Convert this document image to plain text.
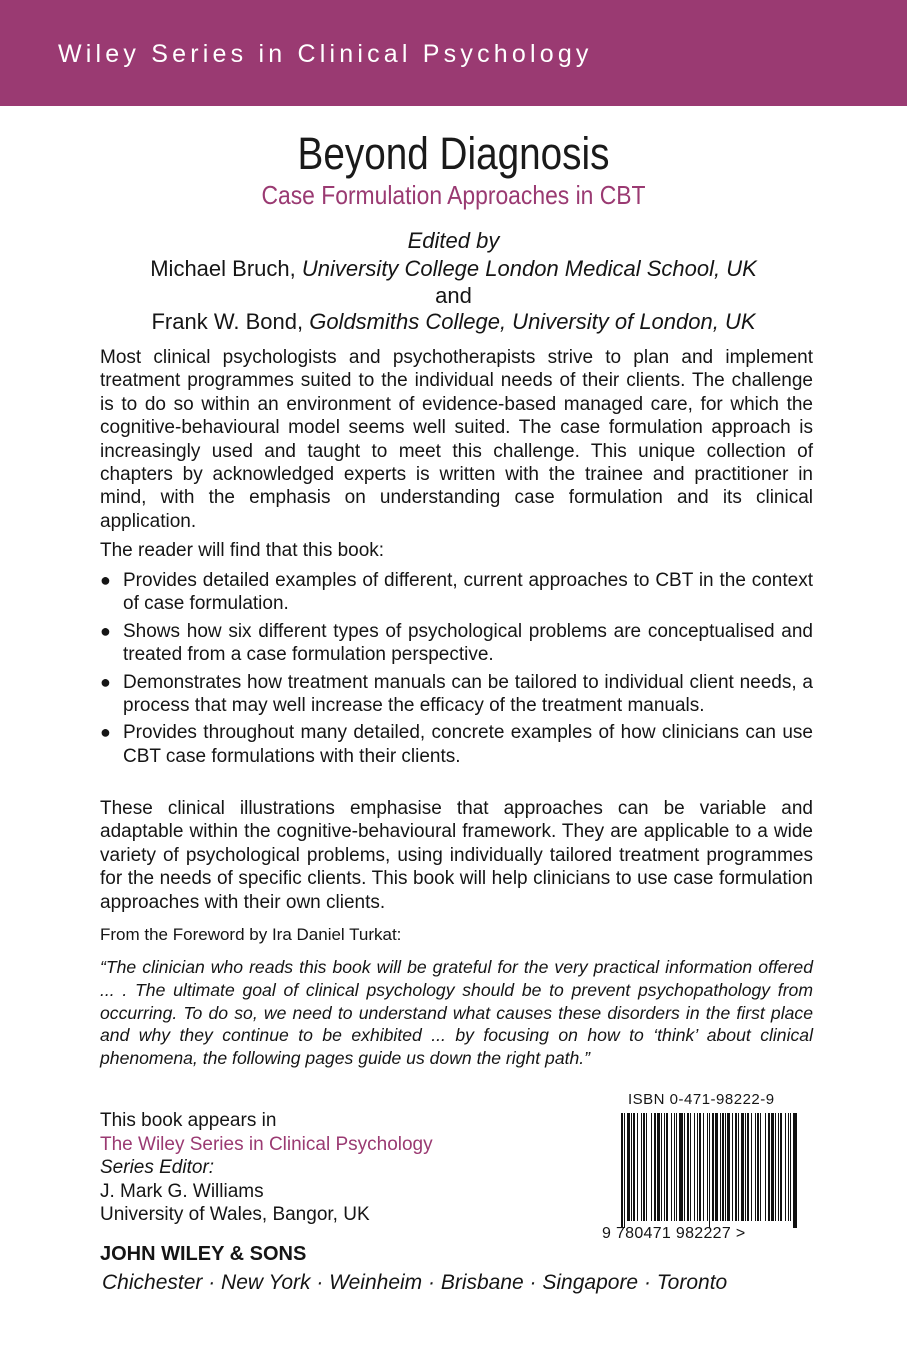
Wiley Series in Clinical Psychology
Beyond Diagnosis
Case Formulation Approaches in CBT
Edited by
Michael Bruch, University College London Medical School, UK
and
Frank W. Bond, Goldsmiths College, University of London, UK
Most clinical psychologists and psychotherapists strive to plan and implement treatment programmes suited to the individual needs of their clients. The challenge is to do so within an environment of evidence-based managed care, for which the cognitive-behavioural model seems well suited. The case formulation approach is increasingly used and taught to meet this challenge. This unique collection of chapters by acknowledged experts is written with the trainee and practitioner in mind, with the emphasis on understanding case formulation and its clinical application.
The reader will find that this book:
● Provides detailed examples of different, current approaches to CBT in the context of case formulation.
● Shows how six different types of psychological problems are conceptualised and treated from a case formulation perspective.
● Demonstrates how treatment manuals can be tailored to individual client needs, a process that may well increase the efficacy of the treatment manuals.
● Provides throughout many detailed, concrete examples of how clinicians can use CBT case formulations with their clients.
These clinical illustrations emphasise that approaches can be variable and adaptable within the cognitive-behavioural framework. They are applicable to a wide variety of psychological problems, using individually tailored treatment programmes for the needs of specific clients. This book will help clinicians to use case formulation approaches with their own clients.
From the Foreword by Ira Daniel Turkat:
“The clinician who reads this book will be grateful for the very practical information offered ... . The ultimate goal of clinical psychology should be to prevent psychopathology from occurring. To do so, we need to understand what causes these disorders in the first place and why they continue to be exhibited ... by focusing on how to ‘think’ about clinical phenomena, the following pages guide us down the right path.”
This book appears in
The Wiley Series in Clinical Psychology
Series Editor:
J. Mark G. Williams
University of Wales, Bangor, UK
ISBN 0-471-98222-9
9 780471 982227 >
JOHN WILEY & SONS
Chichester · New York · Weinheim · Brisbane · Singapore · Toronto
